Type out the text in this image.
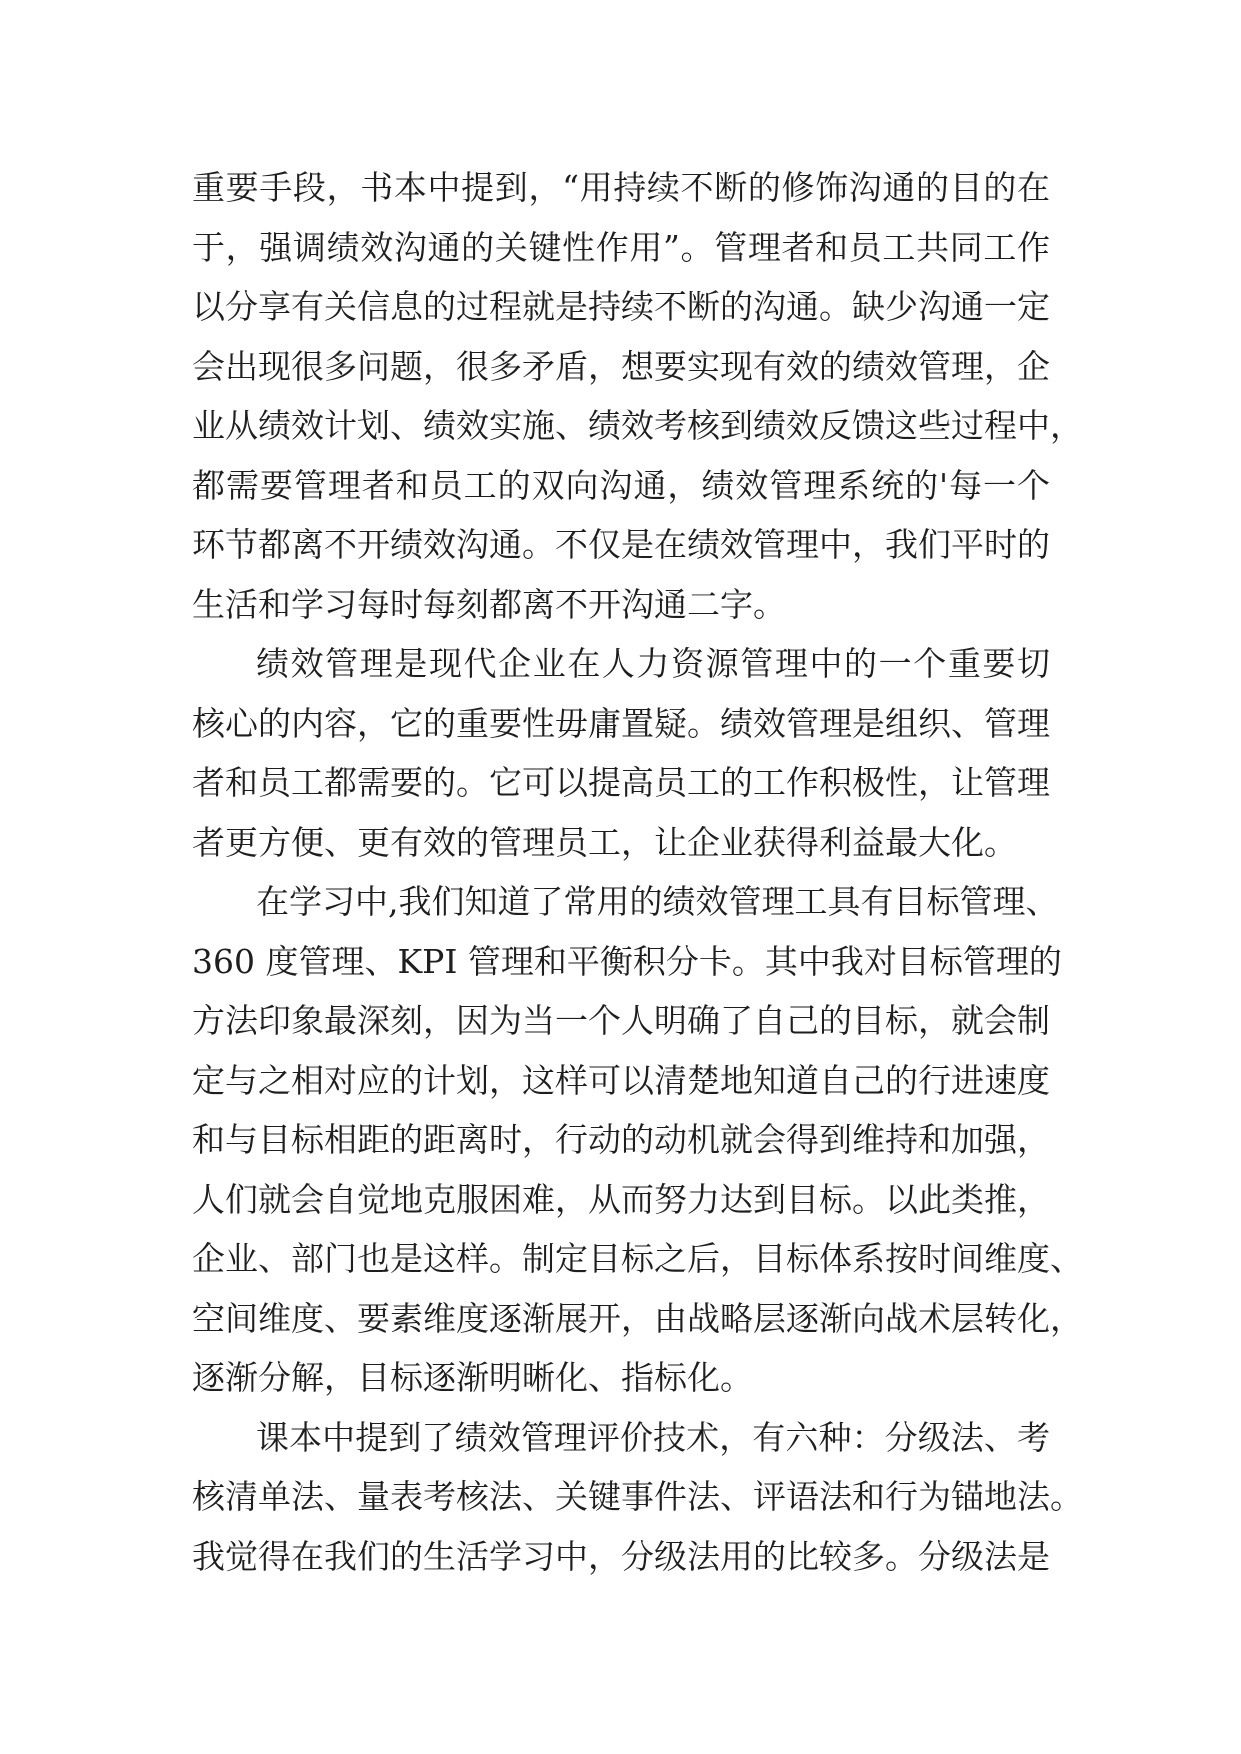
重要手段，书本中提到，“用持续不断的修饰沟通的目的在
于，强调绩效沟通的关键性作用”。管理者和员工共同工作
以分享有关信息的过程就是持续不断的沟通。缺少沟通一定
会出现很多问题，很多矛盾，想要实现有效的绩效管理，企
业从绩效计划、绩效实施、绩效考核到绩效反馈这些过程中，
都需要管理者和员工的双向沟通，绩效管理系统的'每一个
环节都离不开绩效沟通。不仅是在绩效管理中，我们平时的
生活和学习每时每刻都离不开沟通二字。
绩效管理是现代企业在人力资源管理中的一个重要切
核心的内容，它的重要性毋庸置疑。绩效管理是组织、管理
者和员工都需要的。它可以提高员工的工作积极性，让管理
者更方便、更有效的管理员工，让企业获得利益最大化。
在学习中,我们知道了常用的绩效管理工具有目标管理、
360 度管理、KPI 管理和平衡积分卡。其中我对目标管理的
方法印象最深刻，因为当一个人明确了自己的目标，就会制
定与之相对应的计划，这样可以清楚地知道自己的行进速度
和与目标相距的距离时，行动的动机就会得到维持和加强，
人们就会自觉地克服困难，从而努力达到目标。以此类推，
企业、部门也是这样。制定目标之后，目标体系按时间维度、
空间维度、要素维度逐渐展开，由战略层逐渐向战术层转化，
逐渐分解，目标逐渐明晰化、指标化。
课本中提到了绩效管理评价技术，有六种：分级法、考
核清单法、量表考核法、关键事件法、评语法和行为锚地法。
我觉得在我们的生活学习中，分级法用的比较多。分级法是
